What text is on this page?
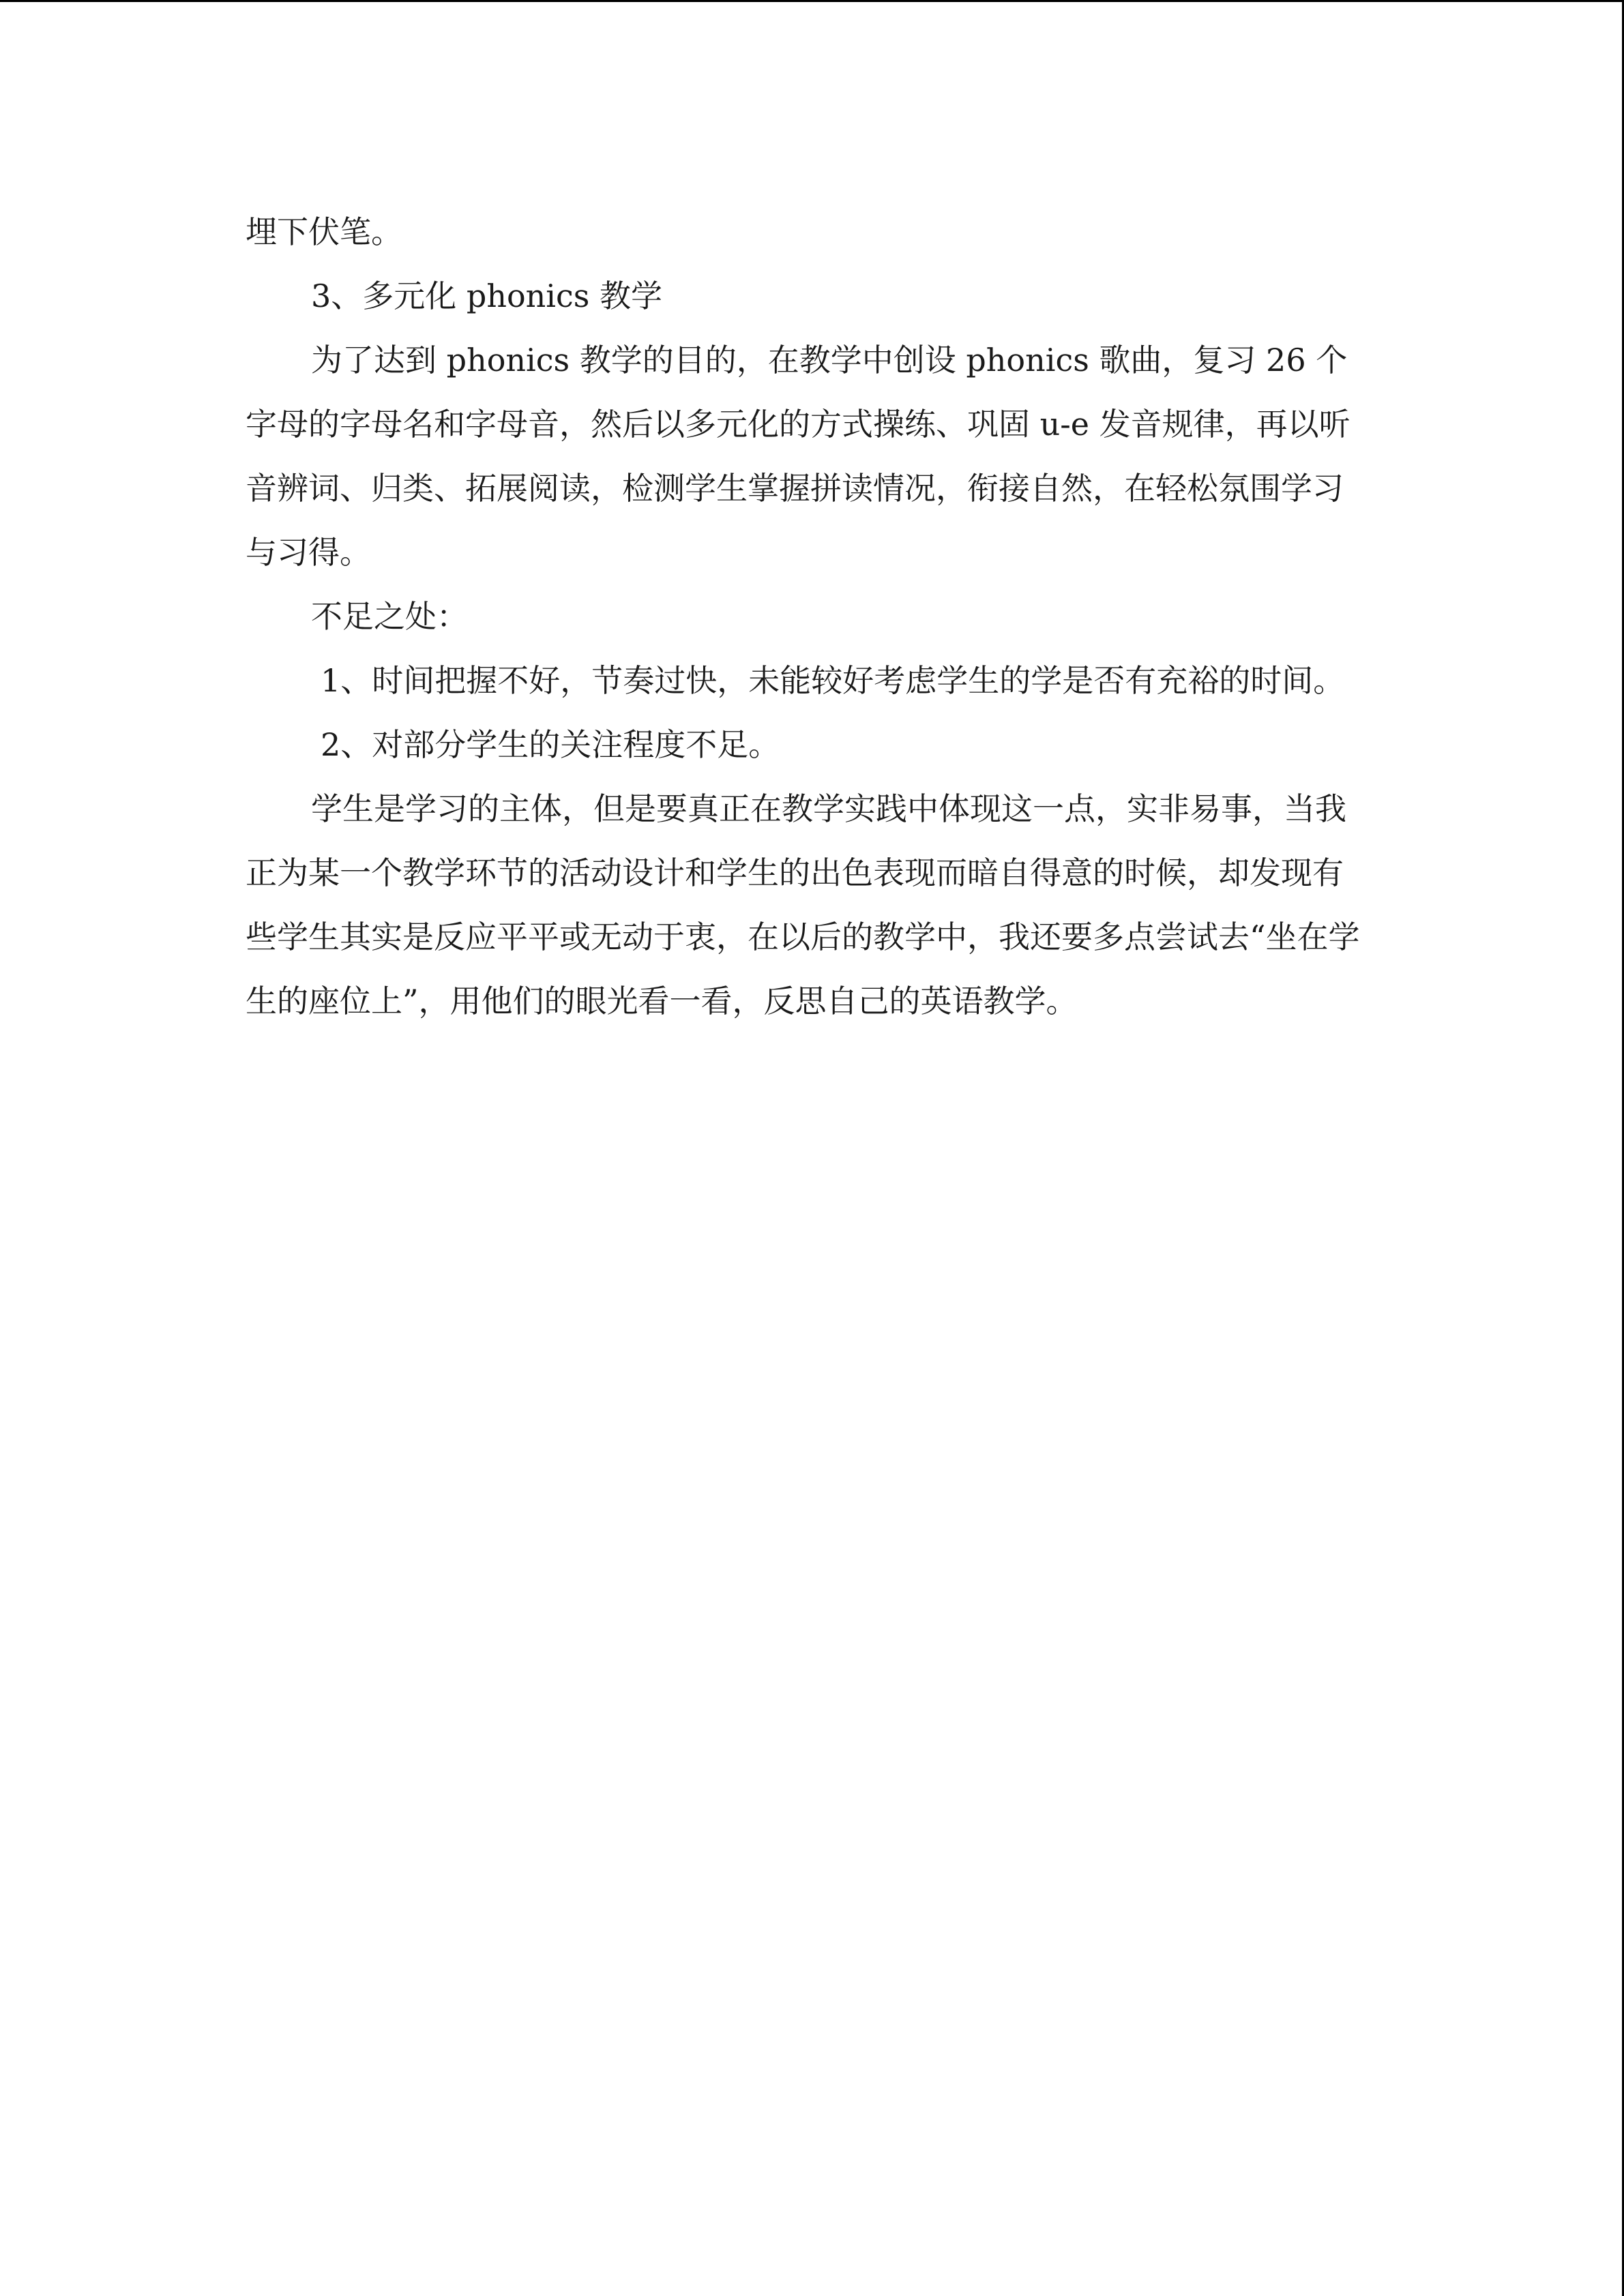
埋下伏笔。

3、多元化 phonics 教学

为了达到 phonics 教学的目的，在教学中创设 phonics 歌曲，复习 26 个字母的字母名和字母音，然后以多元化的方式操练、巩固 u-e 发音规律，再以听音辨词、归类、拓展阅读，检测学生掌握拼读情况，衔接自然，在轻松氛围学习与习得。

不足之处：

1、时间把握不好，节奏过快，未能较好考虑学生的学是否有充裕的时间。

2、对部分学生的关注程度不足。

学生是学习的主体，但是要真正在教学实践中体现这一点，实非易事，当我正为某一个教学环节的活动设计和学生的出色表现而暗自得意的时候，却发现有些学生其实是反应平平或无动于衷，在以后的教学中，我还要多点尝试去“坐在学生的座位上”，用他们的眼光看一看，反思自己的英语教学。
